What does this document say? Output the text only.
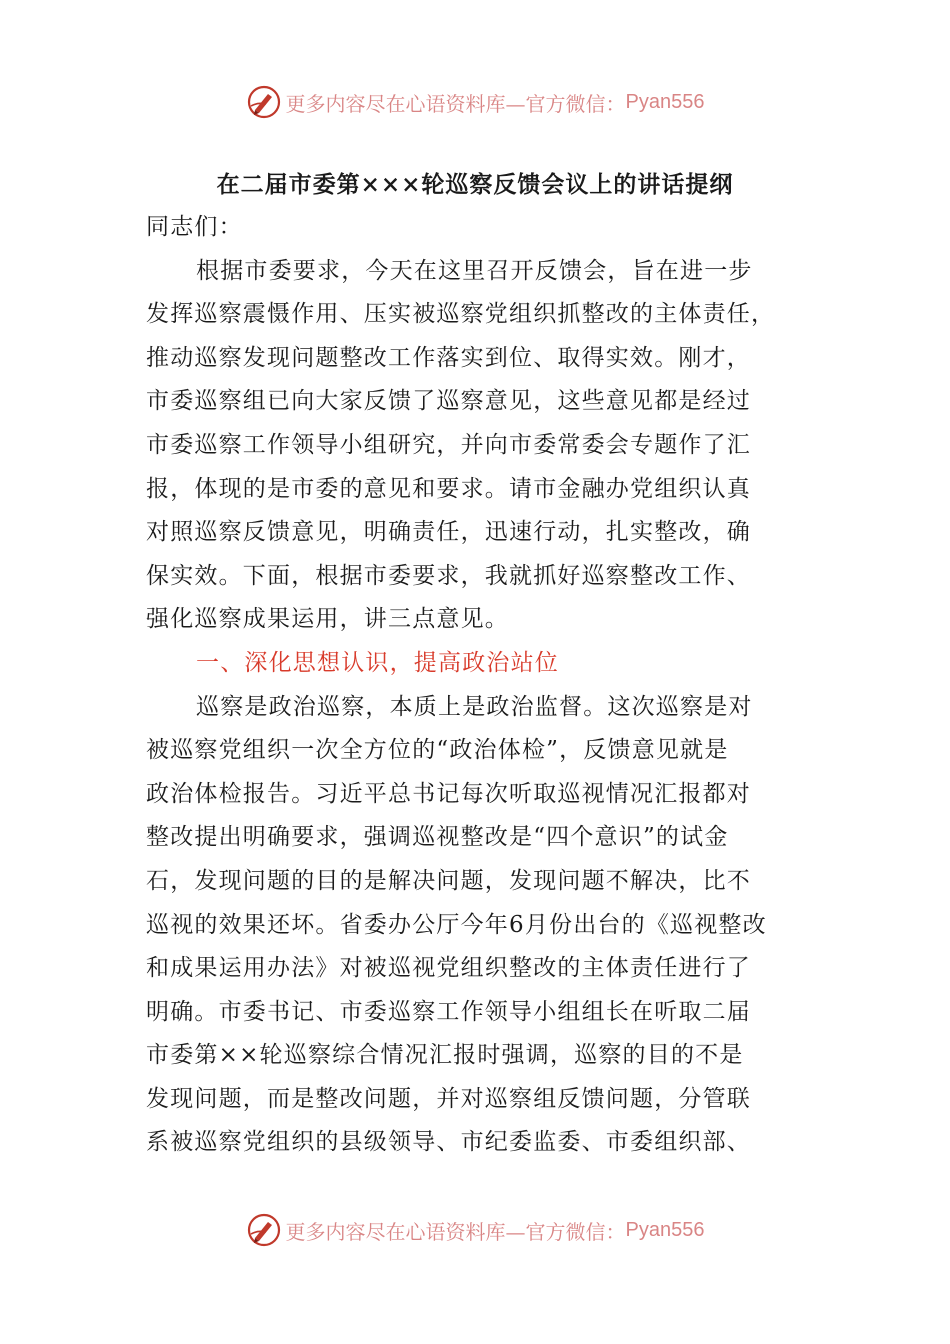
更多内容尽在心语资料库—官方微信： Pyan556
在二届市委第×××轮巡察反馈会议上的讲话提纲
同志们：
根据市委要求，今天在这里召开反馈会，旨在进一步
发挥巡察震慑作用、压实被巡察党组织抓整改的主体责任，
推动巡察发现问题整改工作落实到位、取得实效。刚才，
市委巡察组已向大家反馈了巡察意见，这些意见都是经过
市委巡察工作领导小组研究，并向市委常委会专题作了汇
报，体现的是市委的意见和要求。请市金融办党组织认真
对照巡察反馈意见，明确责任，迅速行动，扎实整改，确
保实效。下面，根据市委要求，我就抓好巡察整改工作、
强化巡察成果运用，讲三点意见。
一、深化思想认识，提高政治站位
巡察是政治巡察，本质上是政治监督。这次巡察是对
被巡察党组织一次全方位的“政治体检”，反馈意见就是
政治体检报告。习近平总书记每次听取巡视情况汇报都对
整改提出明确要求，强调巡视整改是“四个意识”的试金
石，发现问题的目的是解决问题，发现问题不解决，比不
巡视的效果还坏。省委办公厅今年6月份出台的《巡视整改
和成果运用办法》对被巡视党组织整改的主体责任进行了
明确。市委书记、市委巡察工作领导小组组长在听取二届
市委第××轮巡察综合情况汇报时强调，巡察的目的不是
发现问题，而是整改问题，并对巡察组反馈问题，分管联
系被巡察党组织的县级领导、市纪委监委、市委组织部、
更多内容尽在心语资料库—官方微信： Pyan556
